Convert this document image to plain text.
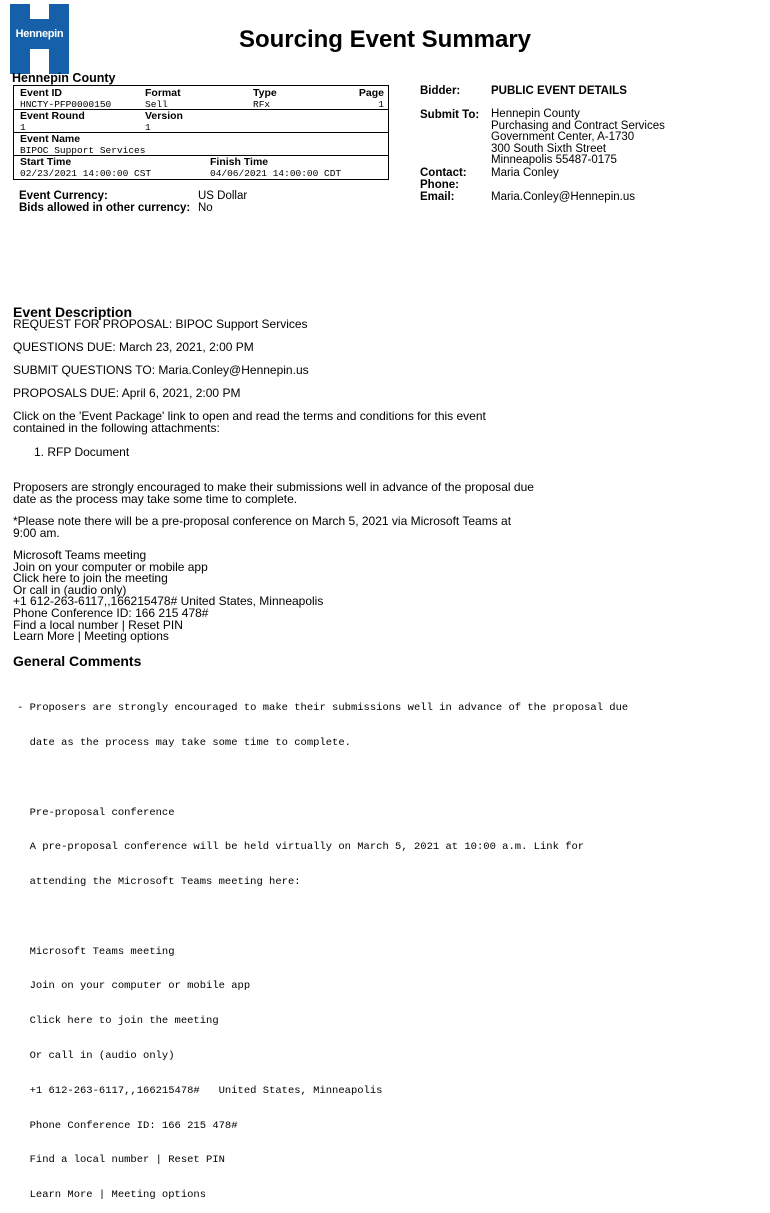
Hennepin	Sourcing Event Summary
Hennepin County
Event ID	Format	Type	Page
HNCTY-PFP0000150	Sell	RFx	1
Event Round	Version
1	1
Event Name
BIPOC Support Services
Start Time	Finish Time
02/23/2021 14:00:00 CST	04/06/2021 14:00:00 CDT
Event Currency:	US Dollar
Bids allowed in other currency: No
Bidder:	PUBLIC EVENT DETAILS
Submit To: Hennepin County
Purchasing and Contract Services
Government Center, A-1730
300 South Sixth Street
Minneapolis 55487-0175
Contact: Maria Conley
Phone:
Email:	Maria.Conley@Hennepin.us
Event Description
REQUEST FOR PROPOSAL: BIPOC Support Services
QUESTIONS DUE: March 23, 2021, 2:00 PM
SUBMIT QUESTIONS TO: Maria.Conley@Hennepin.us
PROPOSALS DUE: April 6, 2021, 2:00 PM
Click on the 'Event Package' link to open and read the terms and conditions for this event
contained in the following attachments:
1. RFP Document
Proposers are strongly encouraged to make their submissions well in advance of the proposal due
date as the process may take some time to complete.
*Please note there will be a pre-proposal conference on March 5, 2021 via Microsoft Teams at
9:00 am.
Microsoft Teams meeting
Join on your computer or mobile app
Click here to join the meeting
Or call in (audio only)
+1 612-263-6117,,166215478# United States, Minneapolis
Phone Conference ID: 166 215 478#
Find a local number | Reset PIN
Learn More | Meeting options
General Comments

- Proposers are strongly encouraged to make their submissions well in advance of the proposal due

date as the process may take some time to complete.

Pre-proposal conference

A pre-proposal conference will be held virtually on March 5, 2021 at 10:00 a.m. Link for

attending the Microsoft Teams meeting here:

Microsoft Teams meeting

Join on your computer or mobile app

Click here to join the meeting

Or call in (audio only)

+1 612-263-6117,,166215478#   United States, Minneapolis

Phone Conference ID: 166 215 478#

Find a local number | Reset PIN

Learn More | Meeting options
